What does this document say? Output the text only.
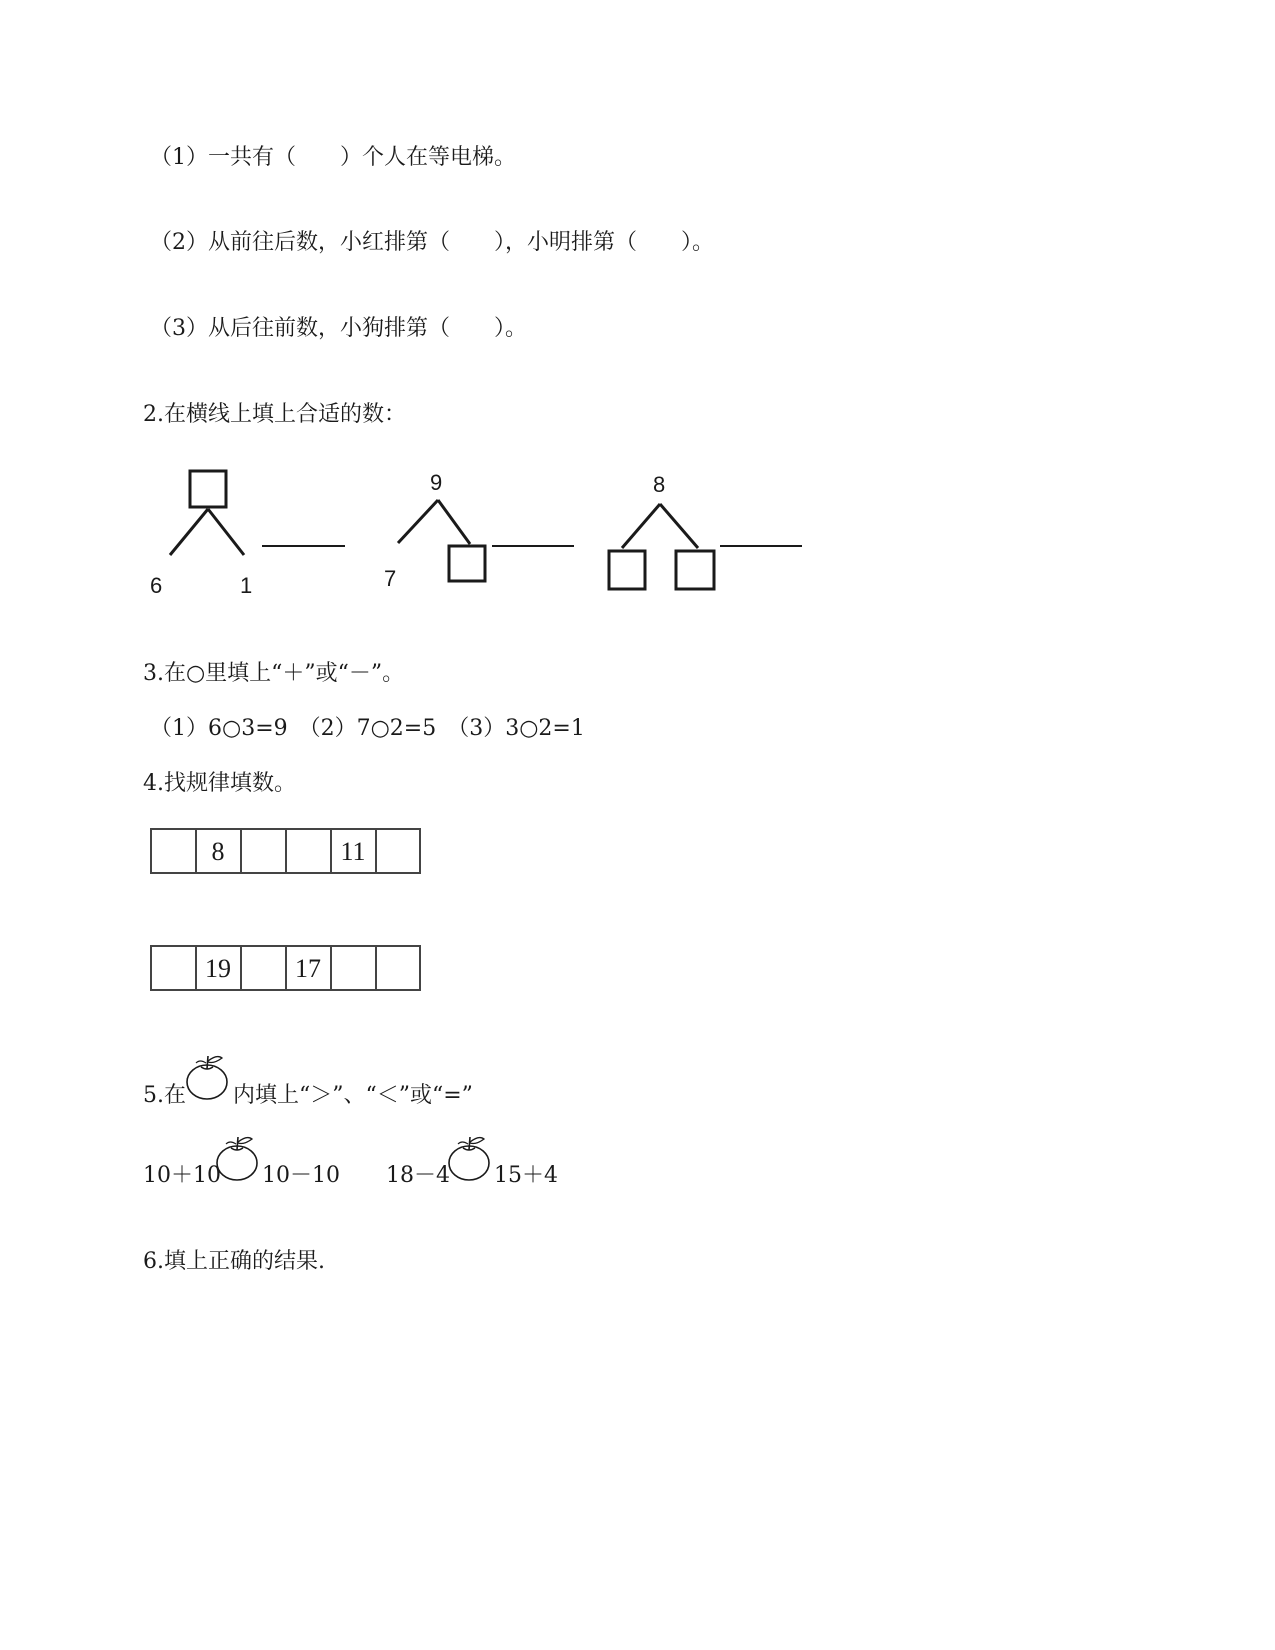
（1）一共有（　　）个人在等电梯。
（2）从前往后数，小红排第（　　），小明排第（　　）。
（3）从后往前数，小狗排第（　　）。
2.在横线上填上合适的数：
6	1
9
7
8
3.在○里填上“＋”或“－”。
（1）6○3=9　（2）7○2=5　（3）3○2=1
4.找规律填数。
8	11
19 17
5.在 内填上“＞”、“＜”或“=”
10＋10 10－10 18－4 15＋4
6.填上正确的结果.
